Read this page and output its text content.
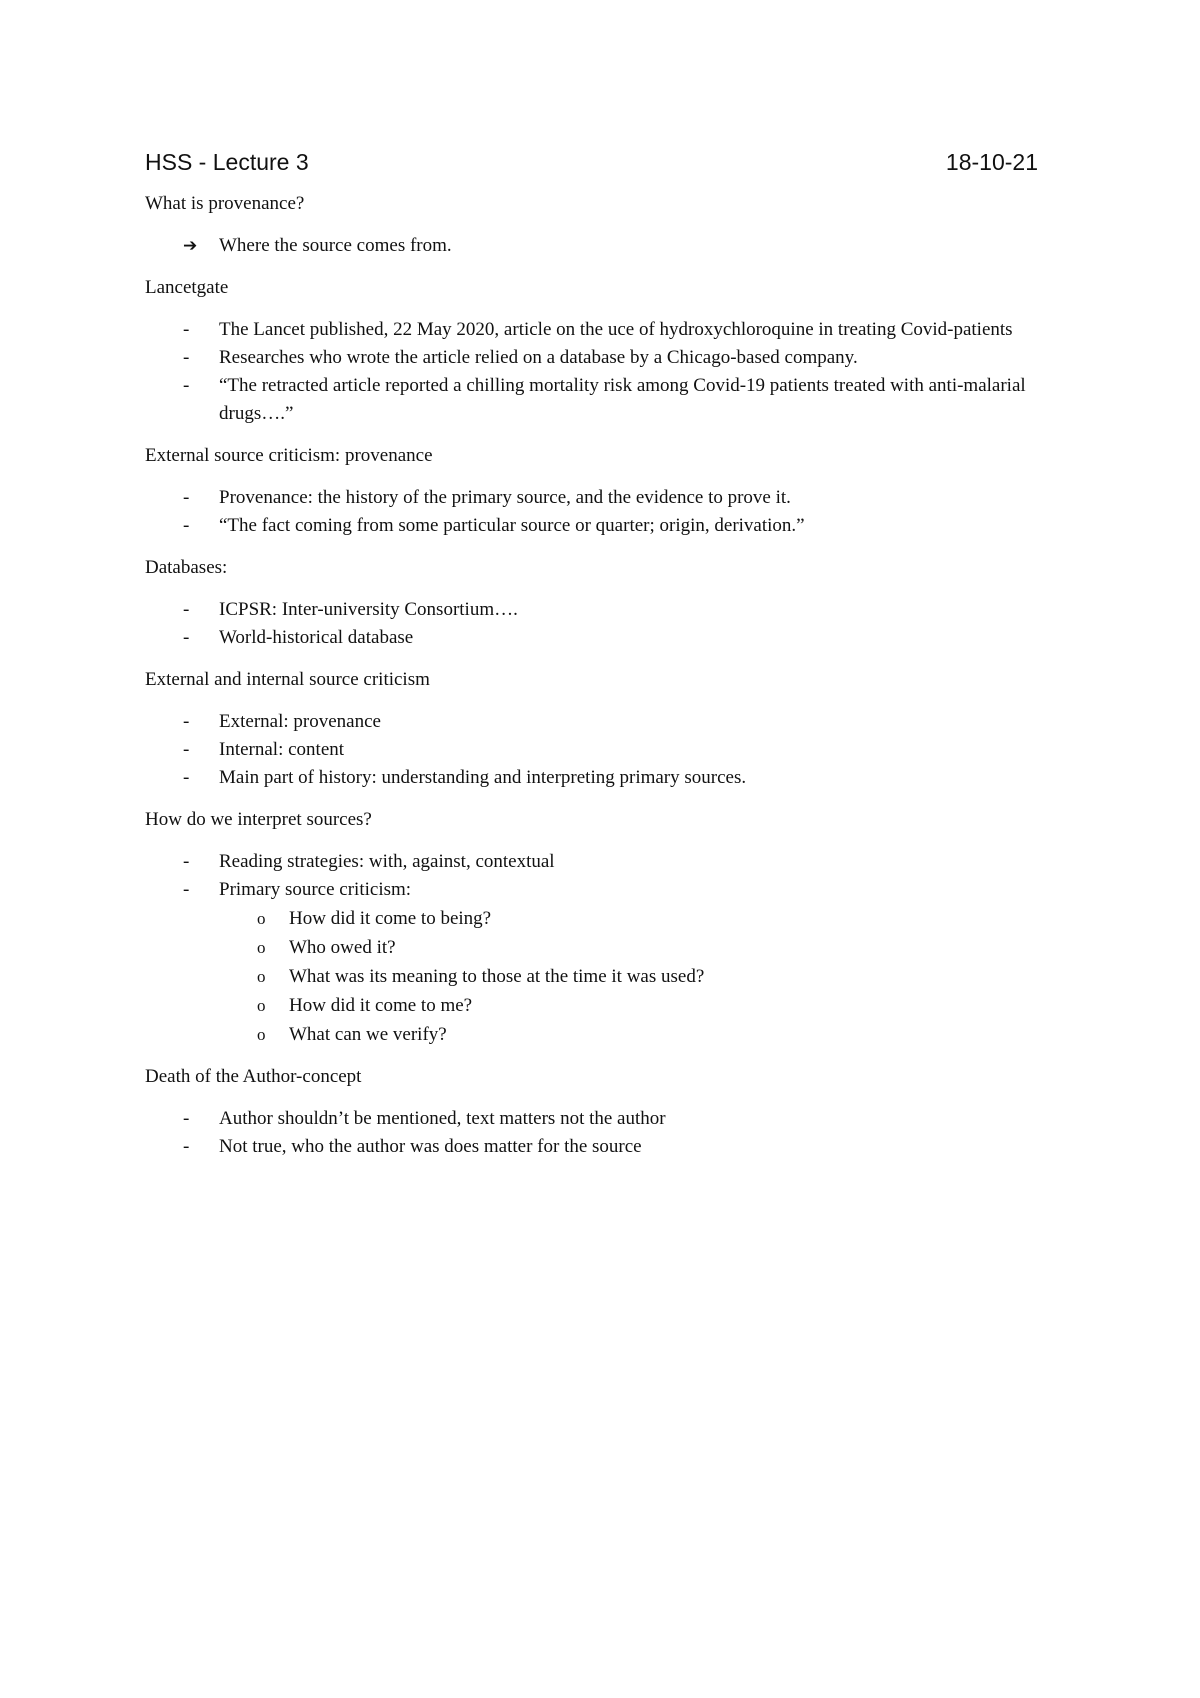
HSS - Lecture 3	18-10-21

What is provenance?

➔	Where the source comes from.

Lancetgate

-	The Lancet published, 22 May 2020, article on the uce of hydroxychloroquine in treating Covid-patients
-	Researches who wrote the article relied on a database by a Chicago-based company.
-	“The retracted article reported a chilling mortality risk among Covid-19 patients treated with anti-malarial drugs….”

External source criticism: provenance

-	Provenance: the history of the primary source, and the evidence to prove it.
-	“The fact coming from some particular source or quarter; origin, derivation.”

Databases:

-	ICPSR: Inter-university Consortium….
-	World-historical database

External and internal source criticism

-	External: provenance
-	Internal: content
-	Main part of history: understanding and interpreting primary sources.

How do we interpret sources?

-	Reading strategies: with, against, contextual
-	Primary source criticism:
o	How did it come to being?
o	Who owed it?
o	What was its meaning to those at the time it was used?
o	How did it come to me?
o	What can we verify?

Death of the Author-concept

-	Author shouldn’t be mentioned, text matters not the author
-	Not true, who the author was does matter for the source
